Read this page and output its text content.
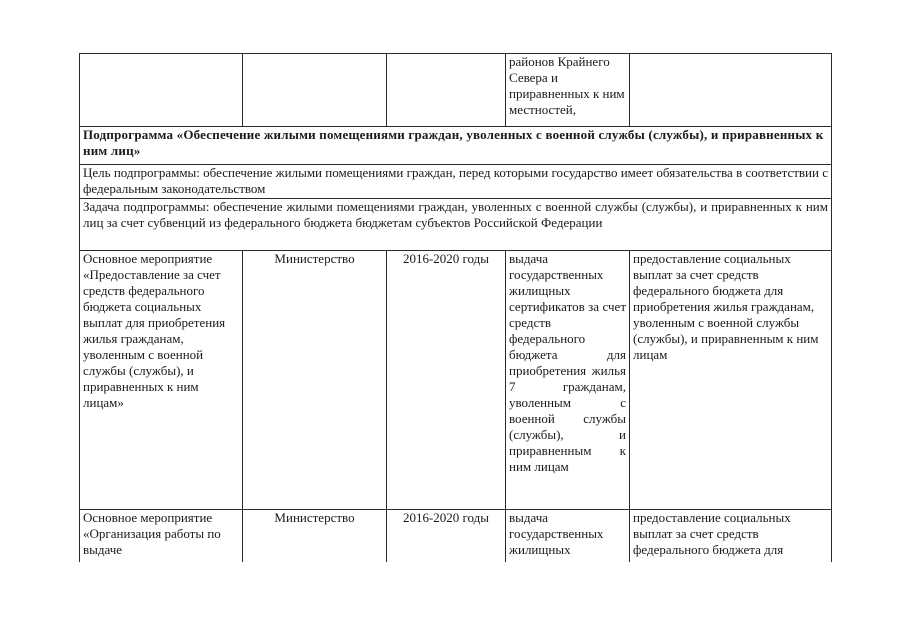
			районов Крайнего Севера и приравненных к ним местностей,	
Подпрограмма «Обеспечение жилыми помещениями граждан, уволенных с военной службы (службы), и приравненных к ним лиц»				
Цель подпрограммы: обеспечение жилыми помещениями граждан, перед которыми государство имеет обязательства в соответствии с федеральным законодательством				
Задача подпрограммы: обеспечение жилыми помещениями граждан, уволенных с военной службы (службы), и приравненных к ним лиц за счет субвенций из федерального бюджета бюджетам субъектов Российской Федерации				
Основное мероприятие «Предоставление за счет средств федерального бюджета социальных выплат для приобретения жилья гражданам, уволенным с военной службы (службы), и приравненных к ним лицам»	Министерство	2016-2020 годы	выдача государственных жилищных сертификатов за счет средств федерального бюджета для приобретения жилья 7 гражданам, уволенным с военной службы (службы), и приравненным к ним лицам	предоставление социальных выплат за счет средств федерального бюджета для приобретения жилья гражданам, уволенным с военной службы (службы), и приравненным к ним лицам
Основное мероприятие «Организация работы по выдаче	Министерство	2016-2020 годы	выдача государственных жилищных	предоставление социальных выплат за счет средств федерального бюджета для
